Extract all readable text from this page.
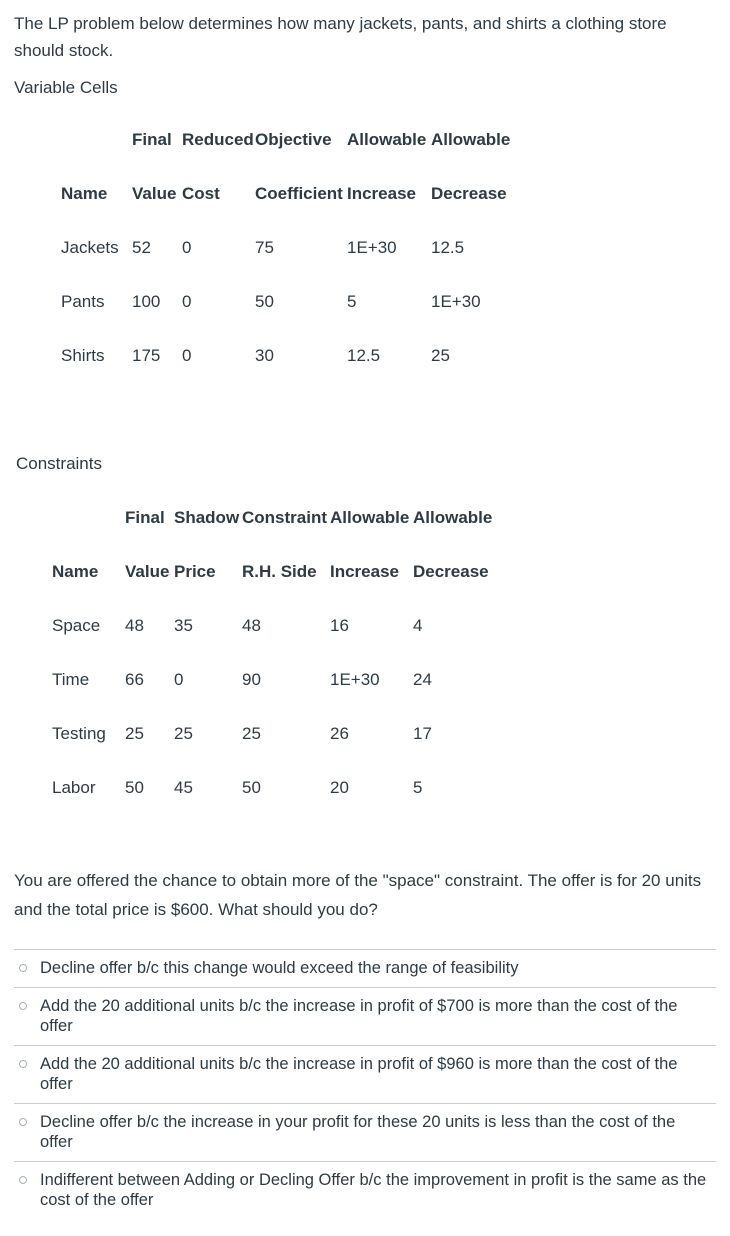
The LP problem below determines how many jackets, pants, and shirts a clothing store should stock.
Variable Cells
Final Reduced Objective Allowable Allowable
Name Value Cost Coefficient Increase Decrease
Jackets 52 0	75	1E+30 12.5
Pants 100 0	50	5	1E+30
Shirts 175 0	30	12.5	25
Constraints
Final Shadow Constraint Allowable Allowable
Name Value Price R.H. Side Increase Decrease
Space 48 35	48	16	4
Time 66 0	90	1E+30 24
Testing 25 25	25	26	17
Labor 50 45	50	20	5
You are offered the chance to obtain more of the "space" constraint. The offer is for 20 units and the total price is $600. What should you do?
Decline offer b/c this change would exceed the range of feasibility
Add the 20 additional units b/c the increase in profit of $700 is more than the cost of the offer
Add the 20 additional units b/c the increase in profit of $960 is more than the cost of the offer
Decline offer b/c the increase in your profit for these 20 units is less than the cost of the offer
Indifferent between Adding or Decling Offer b/c the improvement in profit is the same as the cost of the offer
